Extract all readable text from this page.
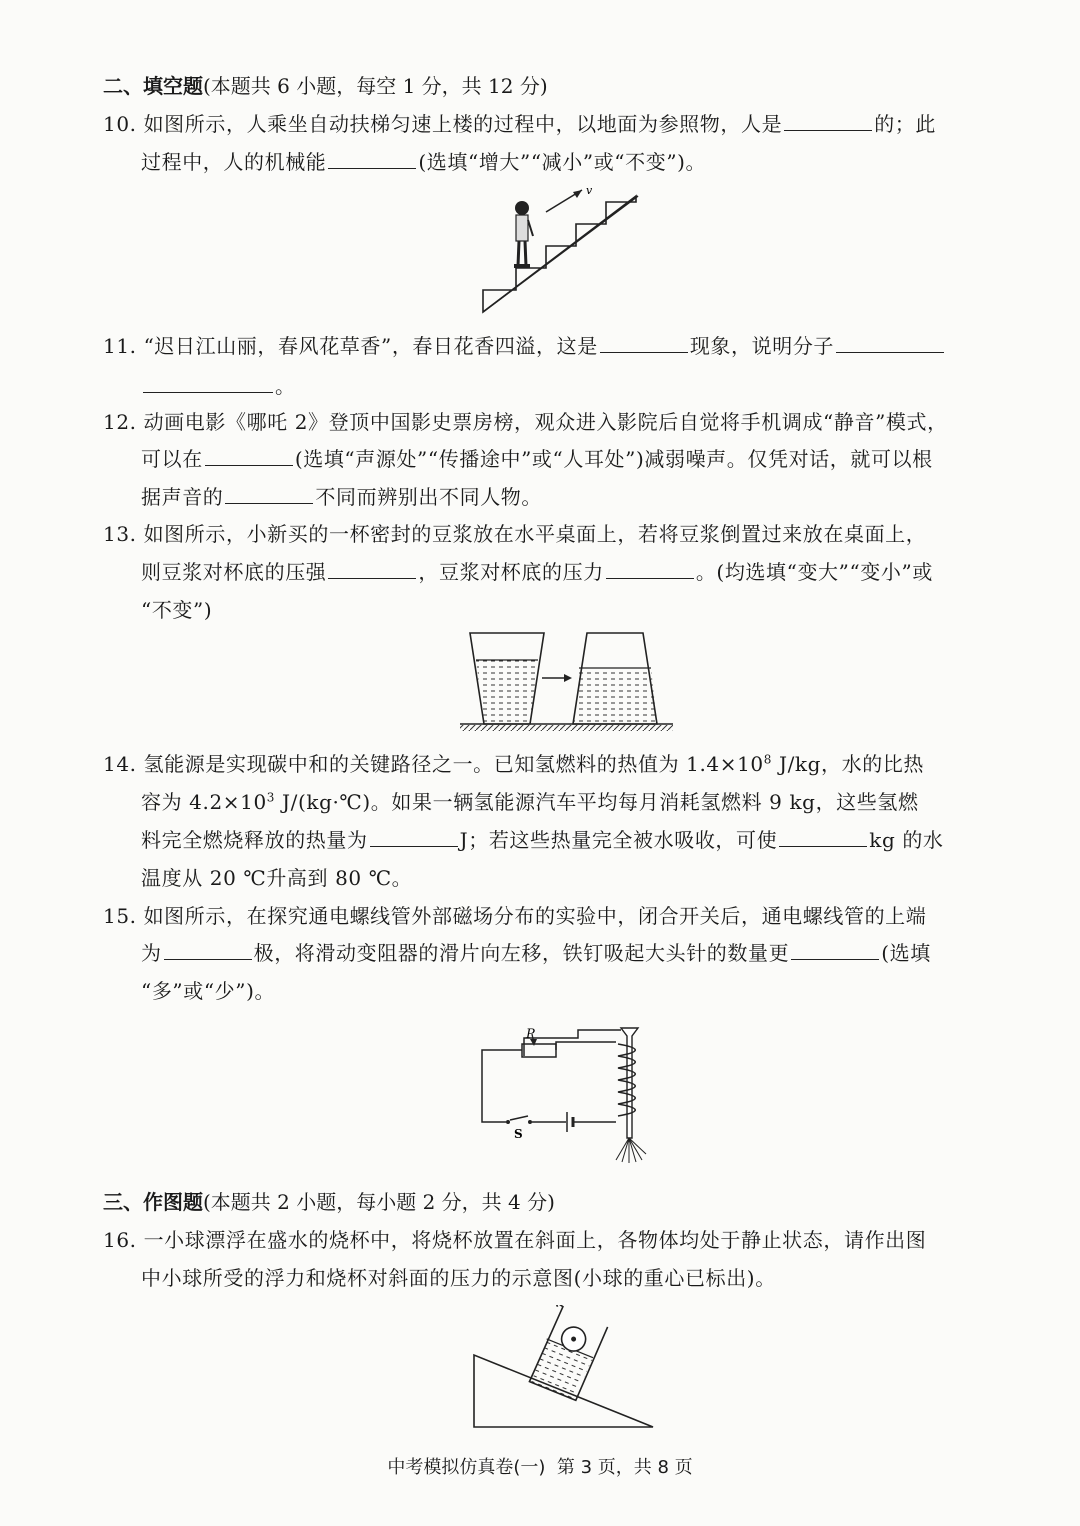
二、填空题(本题共 6 小题，每空 1 分，共 12 分)
10. 如图所示，人乘坐自动扶梯匀速上楼的过程中，以地面为参照物，人是	的；此
过程中，人的机械能	(选填“增大”“减小”或“不变”)。
v
11. “迟日江山丽，春风花草香”，春日花香四溢，这是	现象，说明分子
。
12. 动画电影《哪吒 2》登顶中国影史票房榜，观众进入影院后自觉将手机调成“静音”模式，
可以在	(选填“声源处”“传播途中”或“人耳处”)减弱噪声。仅凭对话，就可以根
据声音的	不同而辨别出不同人物。
13. 如图所示，小新买的一杯密封的豆浆放在水平桌面上，若将豆浆倒置过来放在桌面上，
则豆浆对杯底的压强	，豆浆对杯底的压力	。(均选填“变大”“变小”或
“不变”)
14. 氢能源是实现碳中和的关键路径之一。已知氢燃料的热值为 $1.4\times 10^8$ J/kg，水的比热
容为 $4.2\times 10^3$ J/(kg·℃)。如果一辆氢能源汽车平均每月消耗氢燃料 9 kg，这些氢燃
料完全燃烧释放的热量为	J；若这些热量完全被水吸收，可使	kg 的水
温度从 20 ℃升高到 80 ℃。
15. 如图所示，在探究通电螺线管外部磁场分布的实验中，闭合开关后，通电螺线管的上端
为	极，将滑动变阻器的滑片向左移，铁钉吸起大头针的数量更	(选填
“多”或“少”)。
P
S
三、作图题(本题共 2 小题，每小题 2 分，共 4 分)
16. 一小球漂浮在盛水的烧杯中，将烧杯放置在斜面上，各物体均处于静止状态，请作出图
中小球所受的浮力和烧杯对斜面的压力的示意图(小球的重心已标出)。
中考模拟仿真卷(一) 第 3 页，共 8 页
